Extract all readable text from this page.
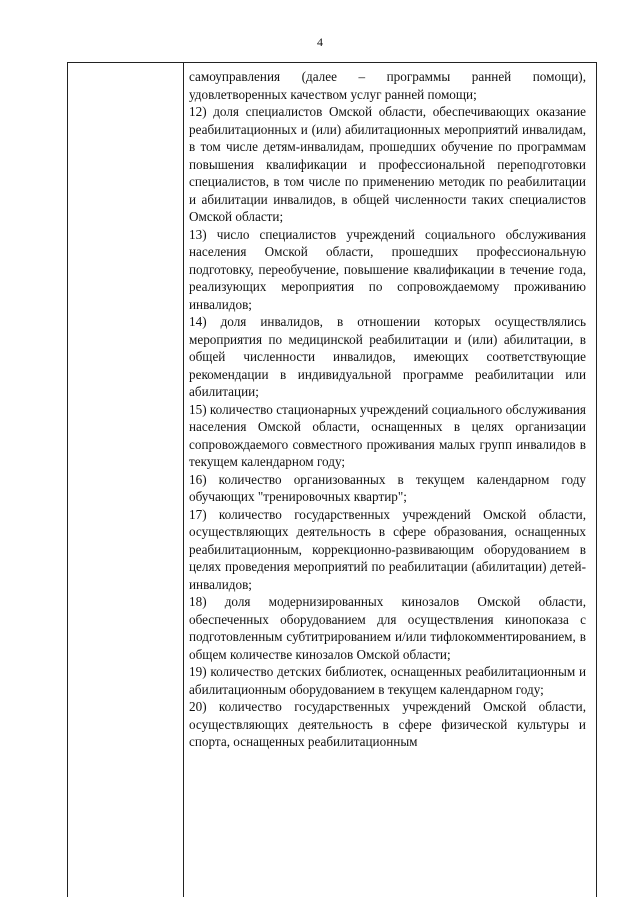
4

самоуправления (далее – программы ранней помощи), удовлетворенных качеством услуг ранней помощи;

12) доля специалистов Омской области, обеспечивающих оказание реабилитационных и (или) абилитационных мероприятий инвалидам, в том числе детям-инвалидам, прошедших обучение по программам повышения квалификации и профессиональной переподготовки специалистов, в том числе по применению методик по реабилитации и абилитации инвалидов, в общей численности таких специалистов Омской области;

13) число специалистов учреждений социального обслуживания населения Омской области, прошедших профессиональную подготовку, переобучение, повышение квалификации в течение года, реализующих мероприятия по сопровождаемому проживанию инвалидов;

14) доля инвалидов, в отношении которых осуществлялись мероприятия по медицинской реабилитации и (или) абилитации, в общей численности инвалидов, имеющих соответствующие рекомендации в индивидуальной программе реабилитации или абилитации;

15) количество стационарных учреждений социального обслуживания населения Омской области, оснащенных в целях организации сопровождаемого совместного проживания малых групп инвалидов в текущем календарном году;

16) количество организованных в текущем календарном году обучающих "тренировочных квартир";

17) количество государственных учреждений Омской области, осуществляющих деятельность в сфере образования, оснащенных реабилитационным, коррекционно-развивающим оборудованием в целях проведения мероприятий по реабилитации (абилитации) детей-инвалидов;

18) доля модернизированных кинозалов Омской области, обеспеченных оборудованием для осуществления кинопоказа с подготовленным субтитрированием и/или тифлокомментированием, в общем количестве кинозалов Омской области;

19) количество детских библиотек, оснащенных реабилитационным и абилитационным оборудованием в текущем календарном году;

20) количество государственных учреждений Омской области, осуществляющих деятельность в сфере физической культуры и спорта, оснащенных реабилитационным
